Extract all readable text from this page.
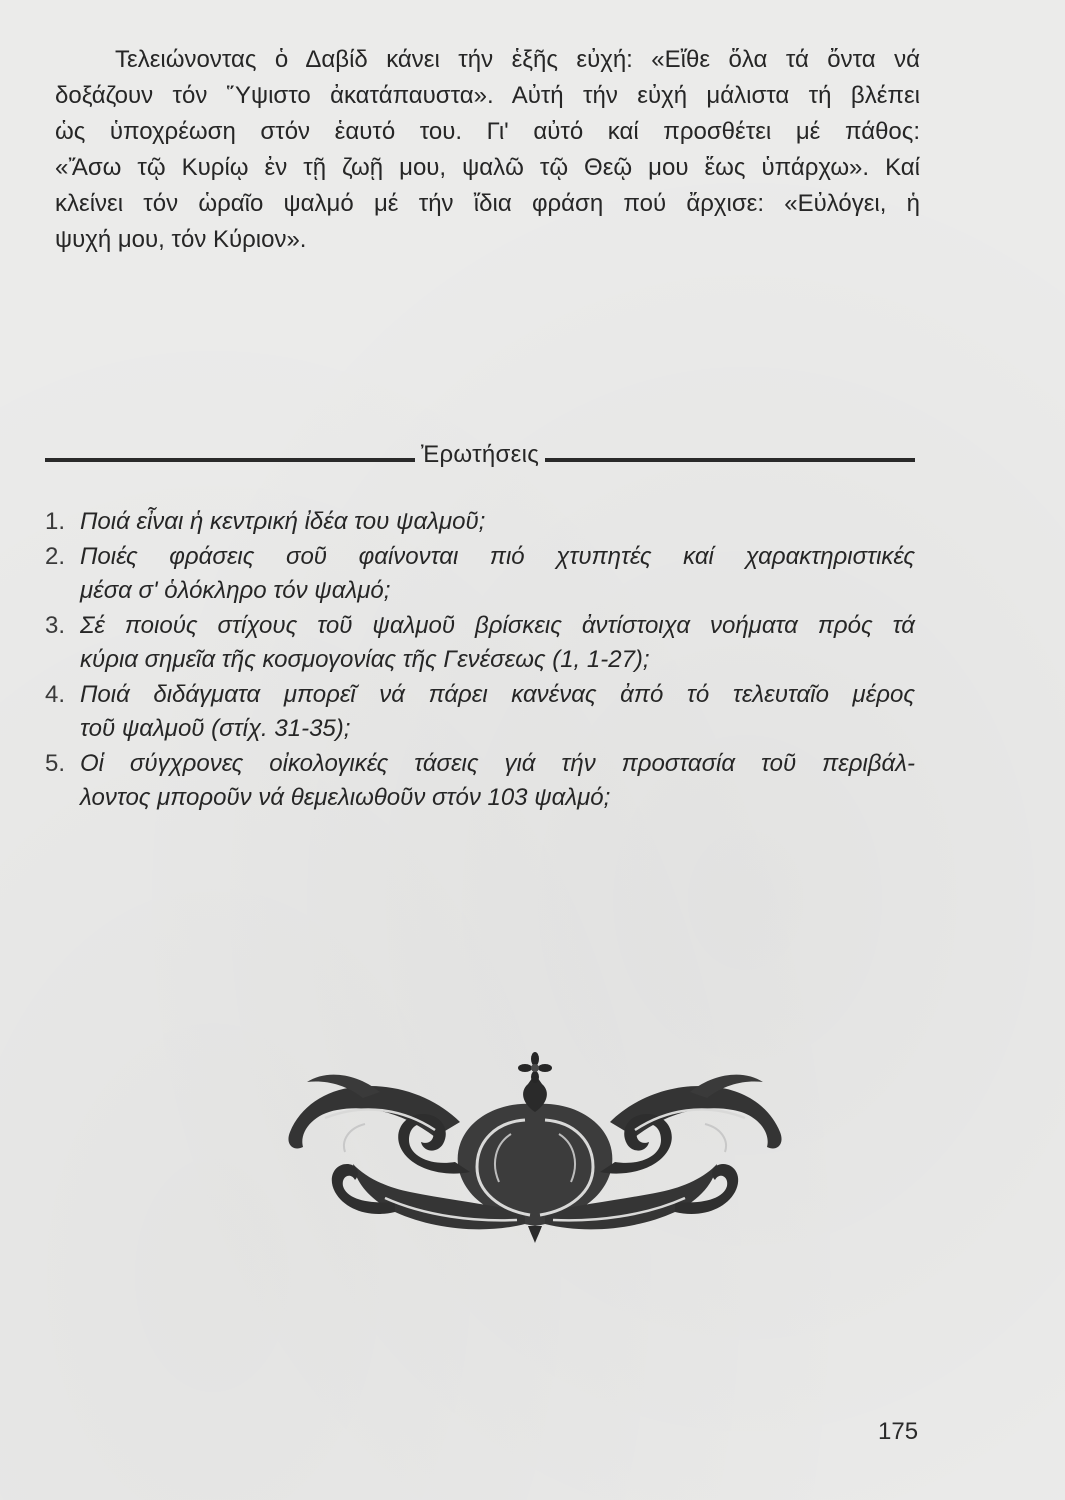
Τελειώνοντας ὁ Δαβίδ κάνει τήν ἑξῆς εὐχή: «Εἴθε ὅλα τά ὄντα νά
δοξάζουν τόν Ὕψιστο ἀκατάπαυστα». Αὐτή τήν εὐχή μάλιστα τή βλέπει
ὡς ὑποχρέωση στόν ἑαυτό του. Γι' αὐτό καί προσθέτει μέ πάθος:
«Ἄσω τῷ Κυρίῳ ἐν τῇ ζωῇ μου, ψαλῶ τῷ Θεῷ μου ἕως ὑπάρχω». Καί
κλείνει τόν ὡραῖο ψαλμό μέ τήν ἴδια φράση πού ἄρχισε: «Εὐλόγει, ἡ
ψυχή μου, τόν Κύριον».
Ἐρωτήσεις
1. Ποιά εἶναι ἡ κεντρική ἰδέα του ψαλμοῦ;
2. Ποιές φράσεις σοῦ φαίνονται πιό χτυπητές καί χαρακτηριστικές
μέσα σ' ὁλόκληρο τόν ψαλμό;
3. Σέ ποιούς στίχους τοῦ ψαλμοῦ βρίσκεις ἀντίστοιχα νοήματα πρός τά
κύρια σημεῖα τῆς κοσμογονίας τῆς Γενέσεως (1, 1-27);
4. Ποιά διδάγματα μπορεῖ νά πάρει κανένας ἀπό τό τελευταῖο μέρος
τοῦ ψαλμοῦ (στίχ. 31-35);
5. Οἱ σύγχρονες οἰκολογικές τάσεις γιά τήν προστασία τοῦ περιβάλ-
λοντος μποροῦν νά θεμελιωθοῦν στόν 103 ψαλμό;
175
